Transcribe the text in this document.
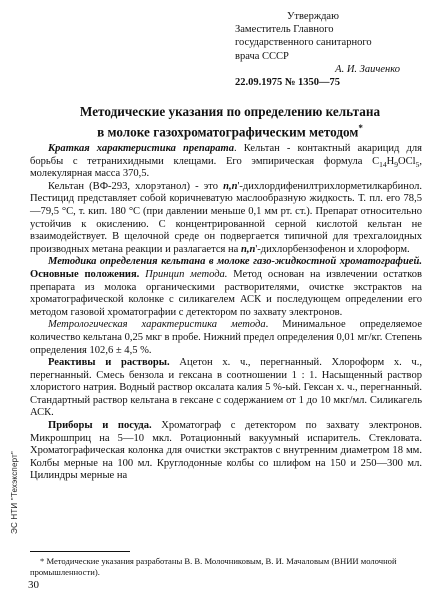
Утверждаю
Заместитель Главного
государственного санитарного
врача СССР
А. И. Заиченко
22.09.1975 № 1350—75
Методические указания по определению кельтана
в молоке газохроматографическим методом*

Краткая характеристика препарата. Кельтан - контактный акарицид для борьбы с тетранихидными клещами. Его эмпирическая формула $C_{14}H_9OCl_5$, молекулярная масса 370,5.

Кельтан (ВФ-293, хлорэтанол) - это n,n'-дихлордифенилтрихлорметилкарбинол. Пестицид представляет собой коричневатую маслообразную жидкость. Т. пл. его 78,5—79,5 °С, т. кип. 180 °С (при давлении меньше 0,1 мм рт. ст.). Препарат относительно устойчив к окислению. С концентрированной серной кислотой кельтан не взаимодействует. В щелочной среде он подвергается типичной для трехгалоидных производных метана реакции и разлагается на n,n'-дихлорбензофенон и хлороформ.

Методика определения кельтана в молоке газо-жидкостной хроматографией. Основные положения. Принцип метода. Метод основан на извлечении остатков препарата из молока органическими растворителями, очистке экстрактов на хроматографической колонке с силикагелем АСК и последующем определении его методом газовой хроматографии с детектором по захвату электронов.

Метрологическая характеристика метода. Минимальное определяемое количество кельтана 0,25 мкг в пробе. Нижний предел определения 0,01 мг/кг. Степень определения 102,6 ± 4,5 %.

Реактивы и растворы. Ацетон х. ч., перегнанный. Хлороформ х. ч., перегнанный. Смесь бензола и гексана в соотношении 1 : 1. Насыщенный раствор хлористого натрия. Водный раствор оксалата калия 5 %-ый. Гексан х. ч., перегнанный. Стандартный раствор кельтана в гексане с содержанием от 1 до 10 мкг/мл. Силикагель АСК.

Приборы и посуда. Хроматограф с детектором по захвату электронов. Микрошприц на 5—10 мкл. Ротационный вакуумный испаритель. Стекловата. Хроматографическая колонка для очистки экстрактов с внутренним диаметром 18 мм. Колбы мерные на 100 мл. Круглодонные колбы со шлифом на 150 и 250—300 мл. Цилиндры мерные на

* Методические указания разработаны В. В. Молочниковым, В. И. Мачаловым (ВНИИ молочной промышленности).

30
ЭС НТИ "Техэксперт"
